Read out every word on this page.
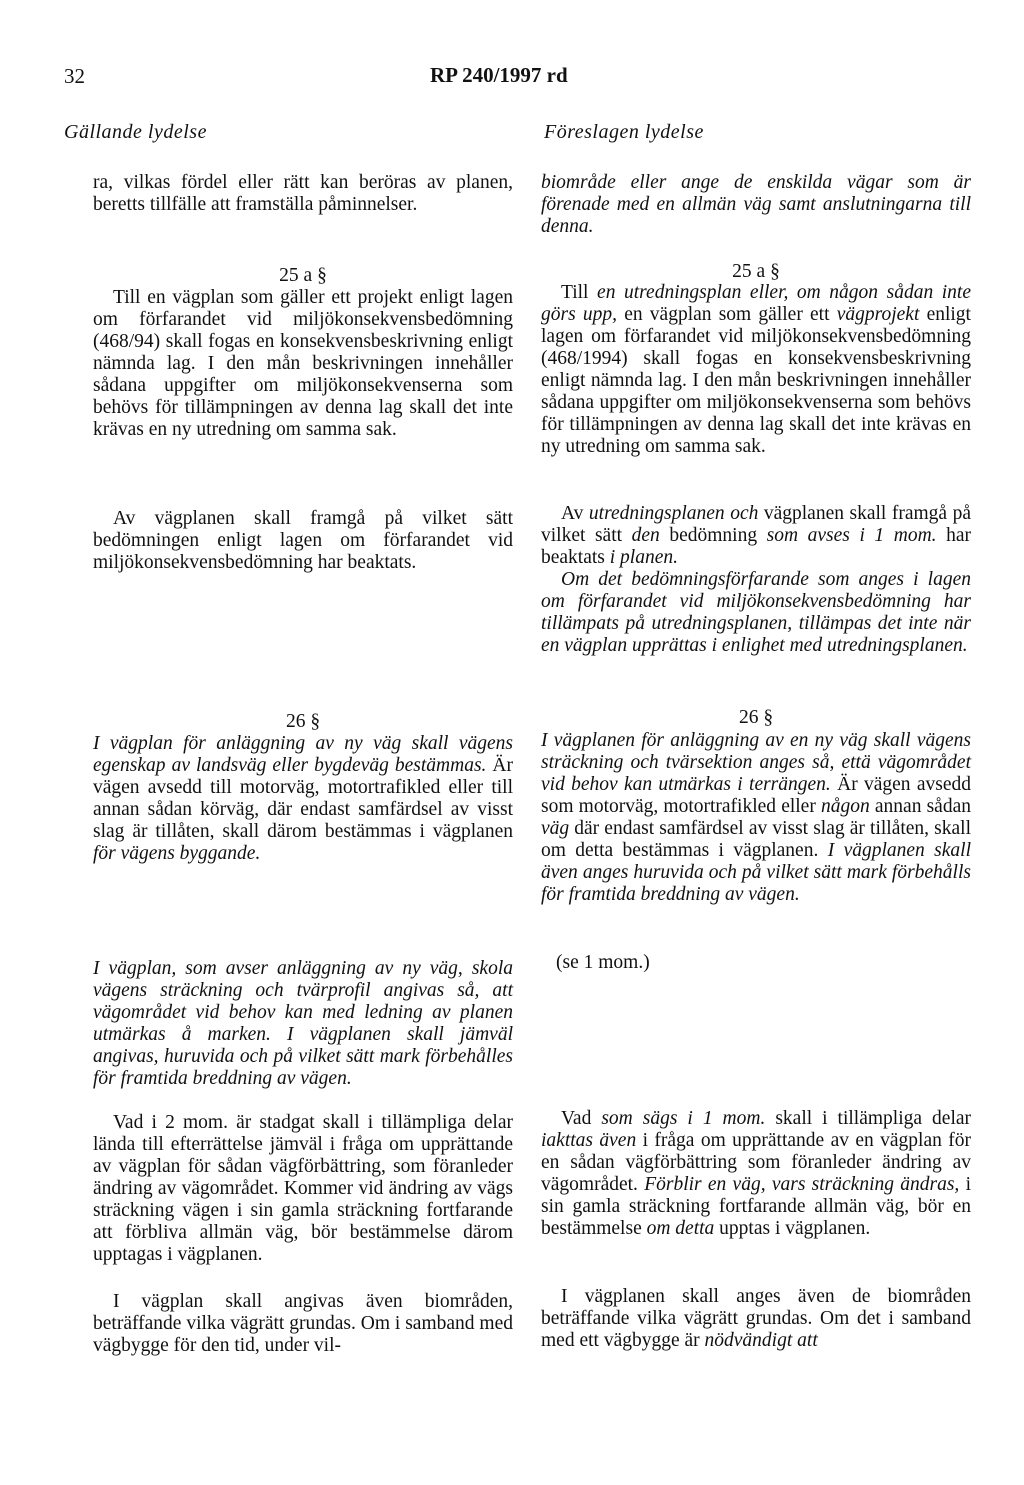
32	RP 240/1997 rd
Gällande lydelse	Föreslagen lydelse
ra, vilkas fördel eller rätt kan beröras av planen, beretts tillfälle att framställa påminnelser.
25 a §
Till en vägplan som gäller ett projekt enligt lagen om förfarandet vid miljökonsekvensbedömning (468/94) skall fogas en konsekvensbeskrivning enligt nämnda lag. I den mån beskrivningen innehåller sådana uppgifter om miljökonsekvenserna som behövs för tillämpningen av denna lag skall det inte krävas en ny utredning om samma sak.
Av vägplanen skall framgå på vilket sätt bedömningen enligt lagen om förfarandet vid miljökonsekvensbedömning har beaktats.
26 §
I vägplan för anläggning av ny väg skall vägens egenskap av landsväg eller bygdeväg bestämmas. Är vägen avsedd till motorväg, motortrafikled eller till annan sådan körväg, där endast samfärdsel av visst slag är tillåten, skall därom bestämmas i vägplanen för vägens byggande.
I vägplan, som avser anläggning av ny väg, skola vägens sträckning och tvärprofil angivas så, att vägområdet vid behov kan med ledning av planen utmärkas å marken. I vägplanen skall jämväl angivas, huruvida och på vilket sätt mark förbehålles för framtida breddning av vägen.
Vad i 2 mom. är stadgat skall i tillämpliga delar lända till efterrättelse jämväl i fråga om upprättande av vägplan för sådan vägförbättring, som föranleder ändring av vägområdet. Kommer vid ändring av vägs sträckning vägen i sin gamla sträckning fortfarande att förbliva allmän väg, bör bestämmelse därom upptagas i vägplanen.
I vägplan skall angivas även biområden, beträffande vilka vägrätt grundas. Om i samband med vägbygge för den tid, under vil-
biområde eller ange de enskilda vägar som är förenade med en allmän väg samt anslutningarna till denna.
25 a §
Till en utredningsplan eller, om någon sådan inte görs upp, en vägplan som gäller ett vägprojekt enligt lagen om förfarandet vid miljökonsekvensbedömning (468/1994) skall fogas en konsekvensbeskrivning enligt nämnda lag. I den mån beskrivningen innehåller sådana uppgifter om miljökonsekvenserna som behövs för tillämpningen av denna lag skall det inte krävas en ny utredning om samma sak.
Av utredningsplanen och vägplanen skall framgå på vilket sätt den bedömning som avses i 1 mom. har beaktats i planen.
Om det bedömningsförfarande som anges i lagen om förfarandet vid miljökonsekvensbedömning har tillämpats på utredningsplanen, tillämpas det inte när en vägplan upprättas i enlighet med utredningsplanen.
26 §
I vägplanen för anläggning av en ny väg skall vägens sträckning och tvärsektion anges så, että vägområdet vid behov kan utmärkas i terrängen. Är vägen avsedd som motorväg, motortrafikled eller någon annan sådan väg där endast samfärdsel av visst slag är tillåten, skall om detta bestämmas i vägplanen. I vägplanen skall även anges huruvida och på vilket sätt mark förbehålls för framtida breddning av vägen.
(se 1 mom.)
Vad som sägs i 1 mom. skall i tillämpliga delar iakttas även i fråga om upprättande av en vägplan för en sådan vägförbättring som föranleder ändring av vägområdet. Förblir en väg, vars sträckning ändras, i sin gamla sträckning fortfarande allmän väg, bör en bestämmelse om detta upptas i vägplanen.
I vägplanen skall anges även de biområden beträffande vilka vägrätt grundas. Om det i samband med ett vägbygge är nödvändigt att
